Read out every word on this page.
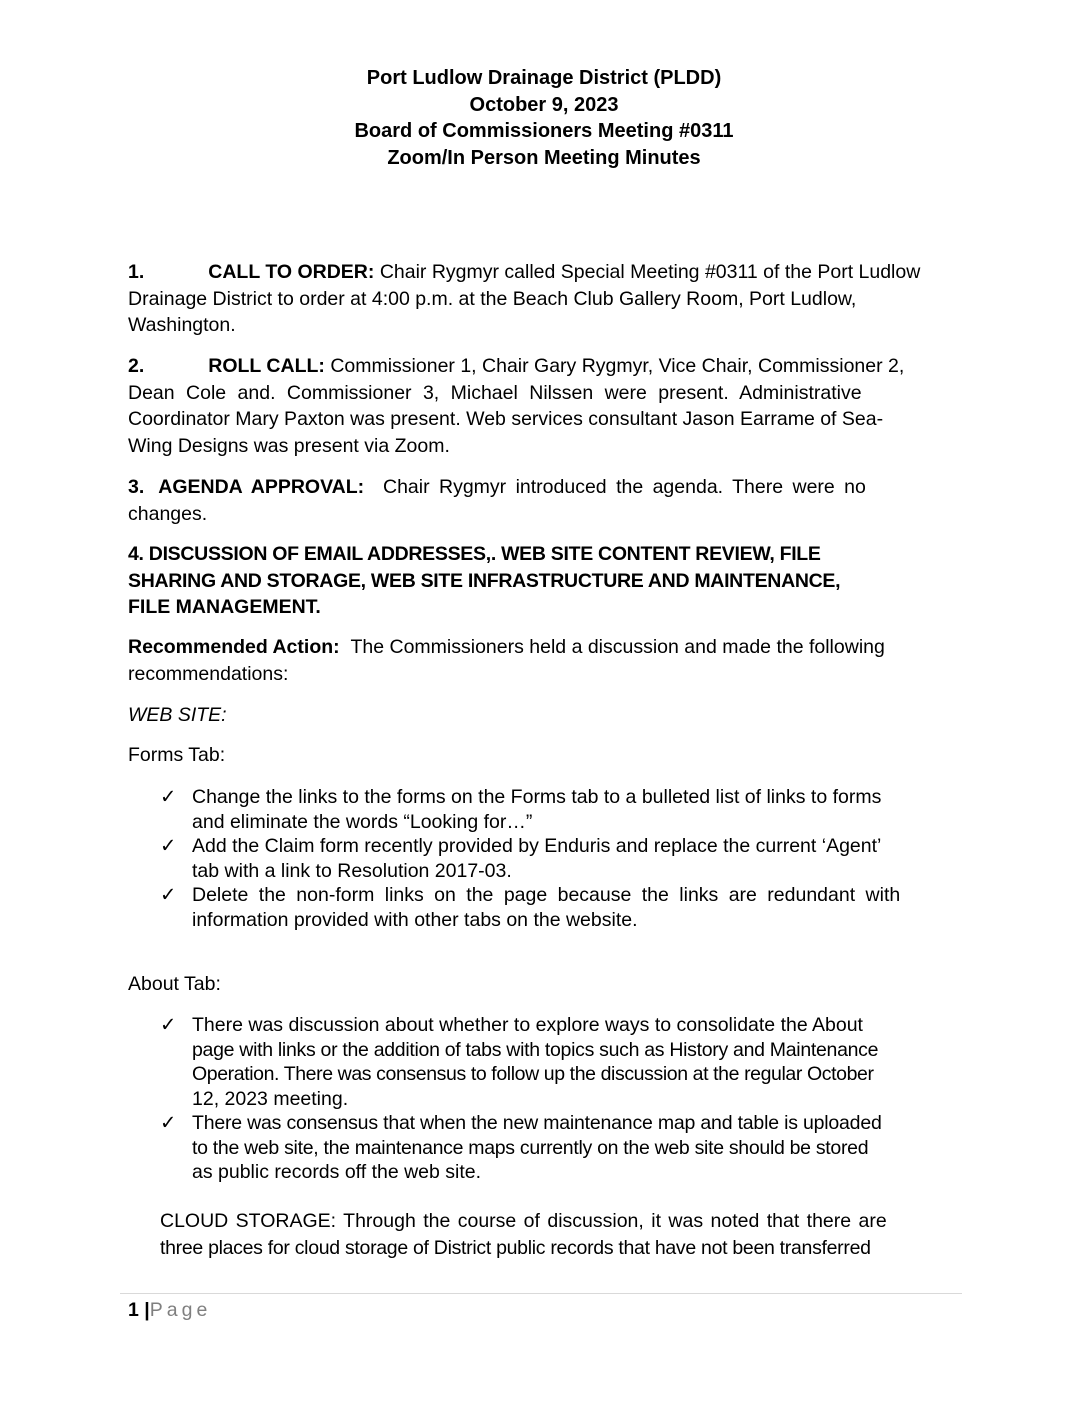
Port Ludlow Drainage District (PLDD)
October 9, 2023
Board of Commissioners Meeting #0311
Zoom/In Person Meeting Minutes
1.	CALL TO ORDER: Chair Rygmyr called Special Meeting #0311 of the Port Ludlow
Drainage District to order at 4:00 p.m. at the Beach Club Gallery Room, Port Ludlow,
Washington.
2.	ROLL CALL: Commissioner 1, Chair Gary Rygmyr, Vice Chair, Commissioner 2,
Dean Cole and. Commissioner 3, Michael Nilssen were present. Administrative
Coordinator Mary Paxton was present. Web services consultant Jason Earrame of Sea-
Wing Designs was present via Zoom.
3. AGENDA APPROVAL: Chair Rygmyr introduced the agenda. There were no
changes.
4. DISCUSSION OF EMAIL ADDRESSES,. WEB SITE CONTENT REVIEW, FILE
SHARING AND STORAGE, WEB SITE INFRASTRUCTURE AND MAINTENANCE,
FILE MANAGEMENT.
Recommended Action: The Commissioners held a discussion and made the following
recommendations:
WEB SITE:
Forms Tab:
✓ Change the links to the forms on the Forms tab to a bulleted list of links to forms
and eliminate the words “Looking for…”
✓ Add the Claim form recently provided by Enduris and replace the current ‘Agent’
tab with a link to Resolution 2017-03.
✓ Delete the non-form links on the page because the links are redundant with
information provided with other tabs on the website.
About Tab:
✓ There was discussion about whether to explore ways to consolidate the About
page with links or the addition of tabs with topics such as History and Maintenance
Operation. There was consensus to follow up the discussion at the regular October
12, 2023 meeting.
✓ There was consensus that when the new maintenance map and table is uploaded
to the web site, the maintenance maps currently on the web site should be stored
as public records off the web site.
CLOUD STORAGE: Through the course of discussion, it was noted that there are
three places for cloud storage of District public records that have not been transferred
1 |Page
